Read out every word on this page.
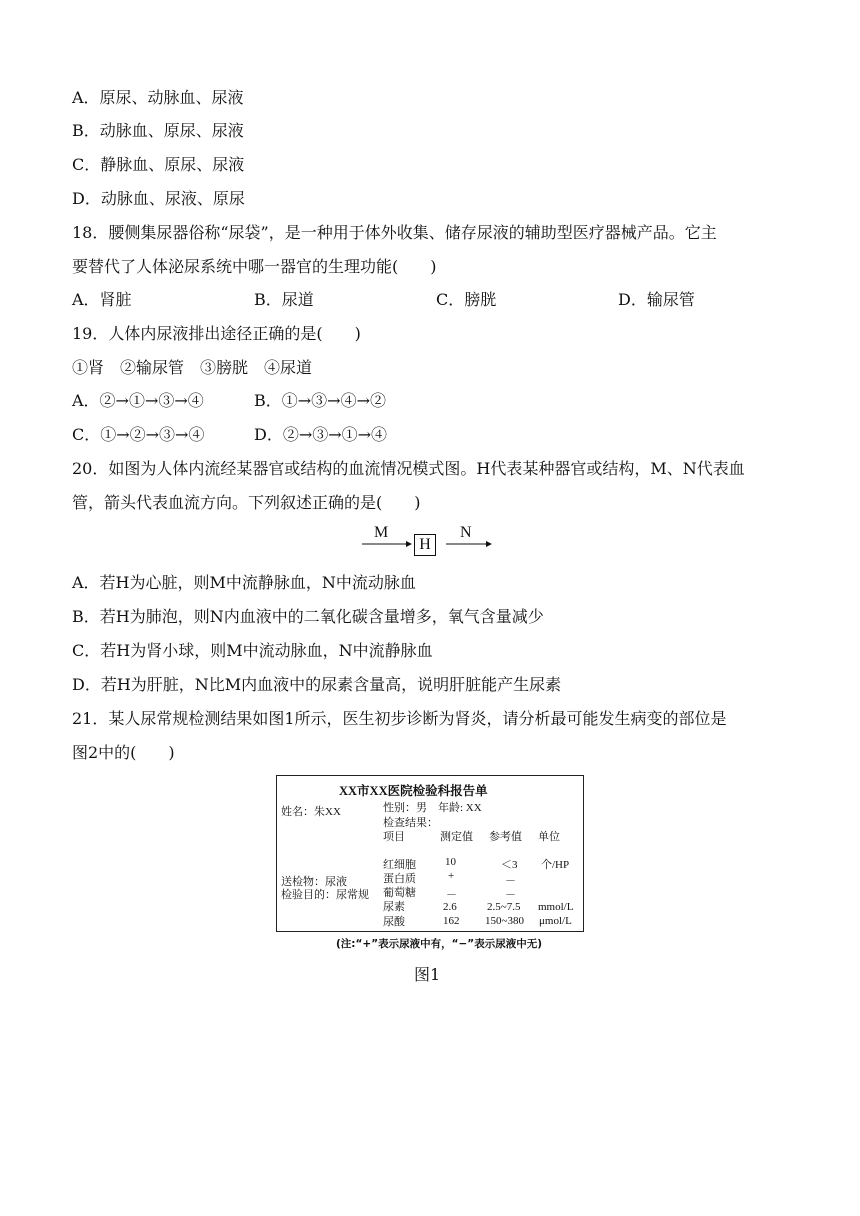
A．原尿、动脉血、尿液
B．动脉血、原尿、尿液
C．静脉血、原尿、尿液
D．动脉血、尿液、原尿
18．腰侧集尿器俗称“尿袋”，是一种用于体外收集、储存尿液的辅助型医疗器械产品。它主
要替代了人体泌尿系统中哪一器官的生理功能(　　)
A．肾脏	B．尿道	C．膀胱	D．输尿管
19．人体内尿液排出途径正确的是(　　)
①肾　②输尿管　③膀胱　④尿道
A．②→①→③→④	B．①→③→④→②
C．①→②→③→④	D．②→③→①→④
20．如图为人体内流经某器官或结构的血流情况模式图。H代表某种器官或结构，M、N代表血
管，箭头代表血流方向。下列叙述正确的是(　　)
M
H
N
A．若H为心脏，则M中流静脉血，N中流动脉血
B．若H为肺泡，则N内血液中的二氧化碳含量增多，氧气含量减少
C．若H为肾小球，则M中流动脉血，N中流静脉血
D．若H为肝脏，N比M内血液中的尿素含量高，说明肝脏能产生尿素
21．某人尿常规检测结果如图1所示，医生初步诊断为肾炎，请分析最可能发生病变的部位是
图2中的(　　)
XX市XX医院检验科报告单
姓名：朱XX	性别：男　年龄: XX
检查结果：
项目	测定值 参考值 单位
送检物：尿液
检验目的：尿常规
红细胞	10	＜3 个/HP
蛋白质	+	－
葡萄糖	－	－
尿素	2.6	2.5~7.5 mmol/L
尿酸	162 150~380 μmol/L
(注:“+”表示尿液中有，“−”表示尿液中无)
图1
